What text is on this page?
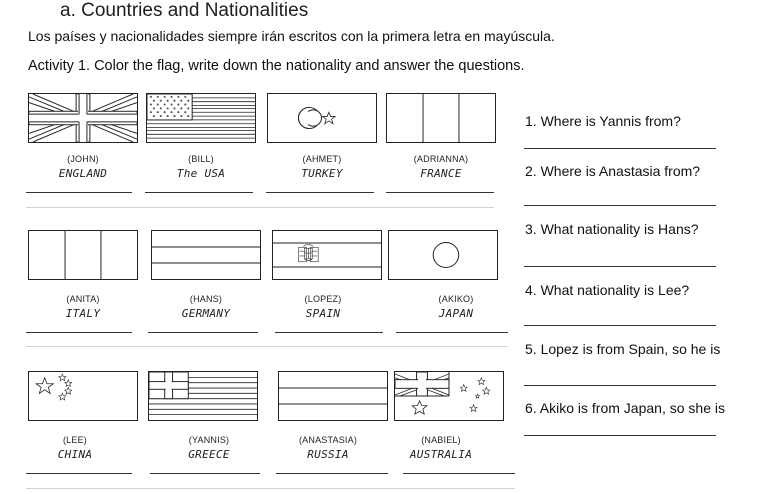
a. Countries and Nationalities
Los países y nacionalidades siempre irán escritos con la primera letra en mayúscula.
Activity 1. Color the flag, write down the nationality and answer the questions.
(JOHN)
ENGLAND
(BILL)
The USA
(AHMET)
TURKEY
(ADRIANNA)
FRANCE
(ANITA)
ITALY
(HANS)
GERMANY
(LOPEZ)
SPAIN
(AKIKO)
JAPAN
(LEE)
CHINA
(YANNIS)
GREECE
(ANASTASIA)
RUSSIA
(NABIEL)
AUSTRALIA
1. Where is Yannis from?
2. Where is Anastasia from?
3. What nationality is Hans?
4. What nationality is Lee?
5. Lopez is from Spain, so he is
6. Akiko is from Japan, so she is
